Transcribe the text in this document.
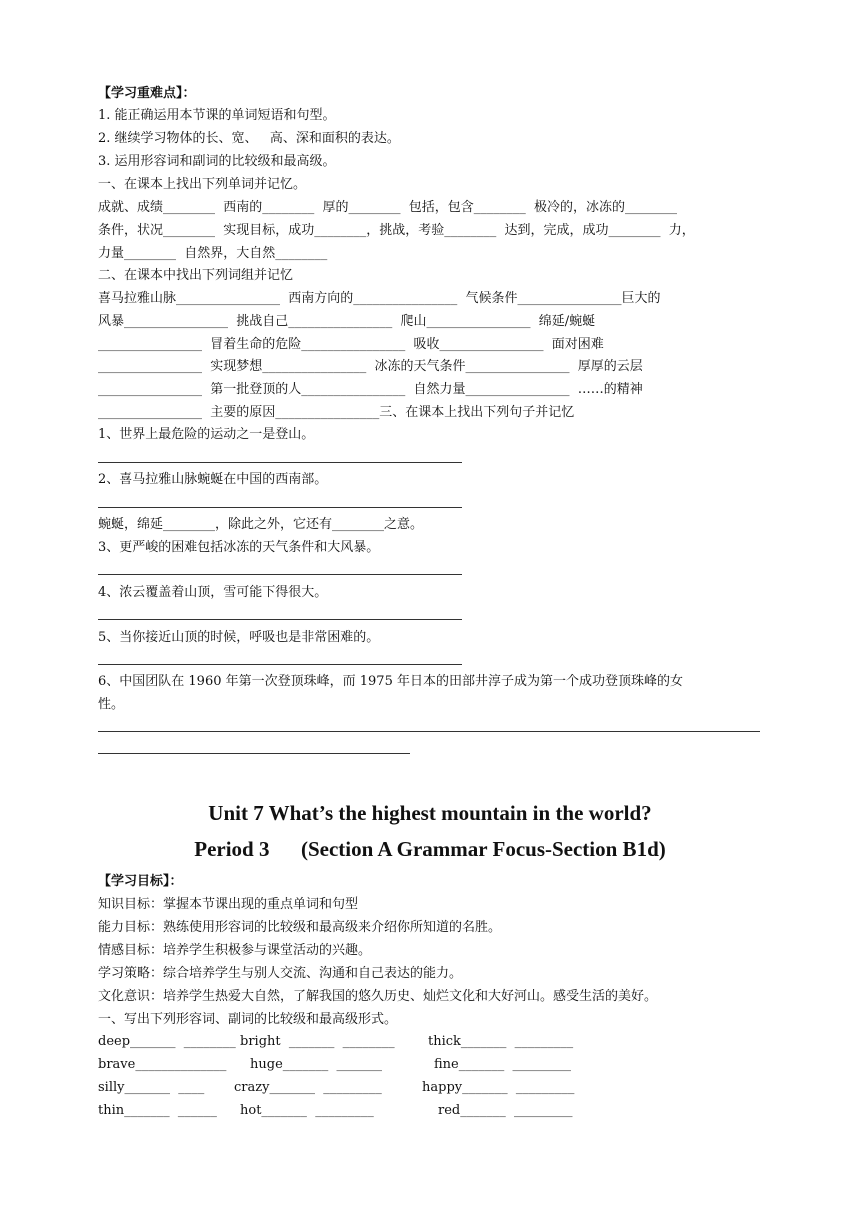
【学习重难点】：
1. 能正确运用本节课的单词短语和句型。
2. 继续学习物体的长、宽、   高、深和面积的表达。
3. 运用形容词和副词的比较级和最高级。
一、在课本上找出下列单词并记忆。
成就、成绩________  西南的________  厚的________  包括，包含________  极冷的，冰冻的________
条件，状况________  实现目标，成功________，挑战，考验________  达到，完成，成功________  力，
力量________  自然界，大自然________
二、在课本中找出下列词组并记忆
喜马拉雅山脉________________  西南方向的________________  气候条件________________巨大的
风暴________________  挑战自己________________  爬山________________  绵延/蜿蜒
________________  冒着生命的危险________________  吸收________________  面对困难
________________  实现梦想________________  冰冻的天气条件________________  厚厚的云层
________________  第一批登顶的人________________  自然力量________________  ……的精神
________________  主要的原因________________三、在课本上找出下列句子并记忆
1、世界上最危险的运动之一是登山。
2、喜马拉雅山脉蜿蜒在中国的西南部。
蜿蜒，绵延________，除此之外，它还有________之意。
3、更严峻的困难包括冰冻的天气条件和大风暴。
4、浓云覆盖着山顶，雪可能下得很大。
5、当你接近山顶的时候，呼吸也是非常困难的。
6、中国团队在 1960 年第一次登顶珠峰，而 1975 年日本的田部井淳子成为第一个成功登顶珠峰的女
性。
Unit 7 What’s the highest mountain in the world?
Period 3      (Section A Grammar Focus-Section B1d)
【学习目标】：
知识目标：掌握本节课出现的重点单词和句型
能力目标：熟练使用形容词的比较级和最高级来介绍你所知道的名胜。
情感目标：培养学生积极参与课堂活动的兴趣。
学习策略：综合培养学生与别人交流、沟通和自己表达的能力。
文化意识：培养学生热爱大自然，了解我国的悠久历史、灿烂文化和大好河山。感受生活的美好。
一、写出下列形容词、副词的比较级和最高级形式。
deep_______  ________ bright  _______  ________	thick_______  _________
brave______________ huge_______  _______	fine_______  _________
silly_______  ____ crazy_______  _________	happy_______  _________
thin_______  ______ hot_______  _________	red_______  _________
